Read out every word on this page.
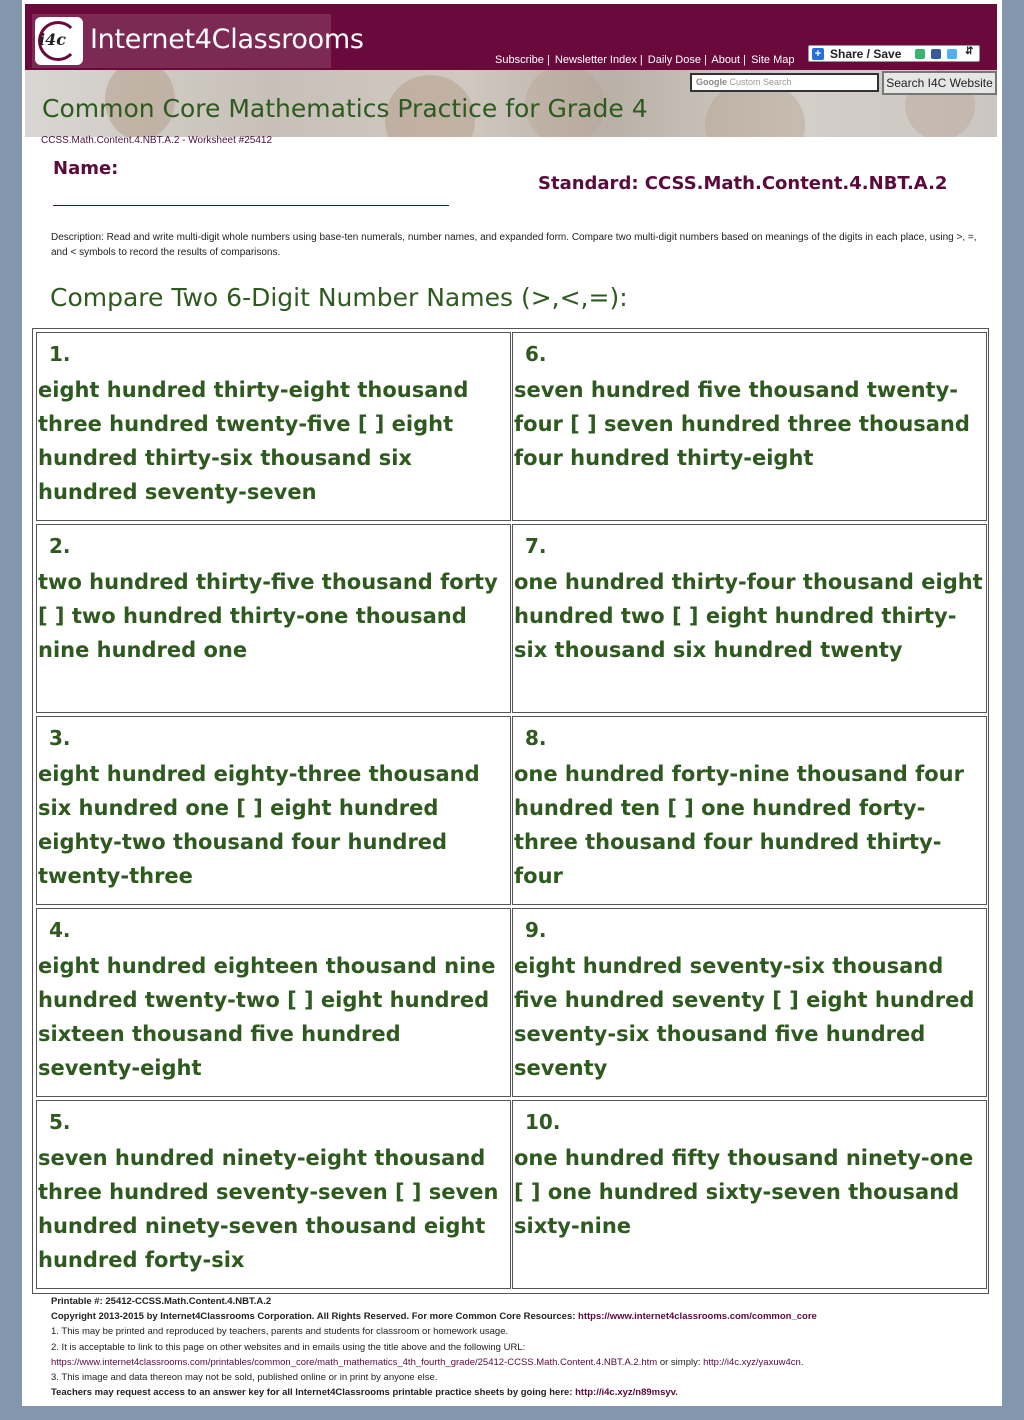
i4c Internet4Classrooms
Subscribe | Newsletter Index | Daily Dose | About | Site Map + Share / Save	⇵
Google Custom Search	Search I4C Website
Common Core Mathematics Practice for Grade 4
CCSS.Math.Content.4.NBT.A.2 - Worksheet #25412
Name:
Standard: CCSS.Math.Content.4.NBT.A.2
Description: Read and write multi-digit whole numbers using base-ten numerals, number names, and expanded form. Compare two multi-digit numbers based on meanings of the digits in each place, using >, =, and < symbols to record the results of comparisons.
Compare Two 6-Digit Number Names (>,<,=):
1.
eight hundred thirty-eight thousand three hundred twenty-five [ ] eight hundred thirty-six thousand six hundred seventy-seven
2.
two hundred thirty-five thousand forty [ ] two hundred thirty-one thousand nine hundred one
3.
eight hundred eighty-three thousand six hundred one [ ] eight hundred eighty-two thousand four hundred twenty-three
4.
eight hundred eighteen thousand nine hundred twenty-two [ ] eight hundred sixteen thousand five hundred seventy-eight
5.
seven hundred ninety-eight thousand three hundred seventy-seven [ ] seven hundred ninety-seven thousand eight hundred forty-six
6.
seven hundred five thousand twenty-four [ ] seven hundred three thousand four hundred thirty-eight
7.
one hundred thirty-four thousand eight hundred two [ ] eight hundred thirty-six thousand six hundred twenty
8.
one hundred forty-nine thousand four hundred ten [ ] one hundred forty-three thousand four hundred thirty-four
9.
eight hundred seventy-six thousand five hundred seventy [ ] eight hundred seventy-six thousand five hundred seventy
10.
one hundred fifty thousand ninety-one [ ] one hundred sixty-seven thousand sixty-nine
Printable #: 25412-CCSS.Math.Content.4.NBT.A.2
Copyright 2013-2015 by Internet4Classrooms Corporation. All Rights Reserved. For more Common Core Resources: https://www.internet4classrooms.com/common_core
1. This may be printed and reproduced by teachers, parents and students for classroom or homework usage.
2. It is acceptable to link to this page on other websites and in emails using the title above and the following URL:
https://www.internet4classrooms.com/printables/common_core/math_mathematics_4th_fourth_grade/25412-CCSS.Math.Content.4.NBT.A.2.htm or simply: http://i4c.xyz/yaxuw4cn.
3. This image and data thereon may not be sold, published online or in print by anyone else.
Teachers may request access to an answer key for all Internet4Classrooms printable practice sheets by going here: http://i4c.xyz/n89msyv.
